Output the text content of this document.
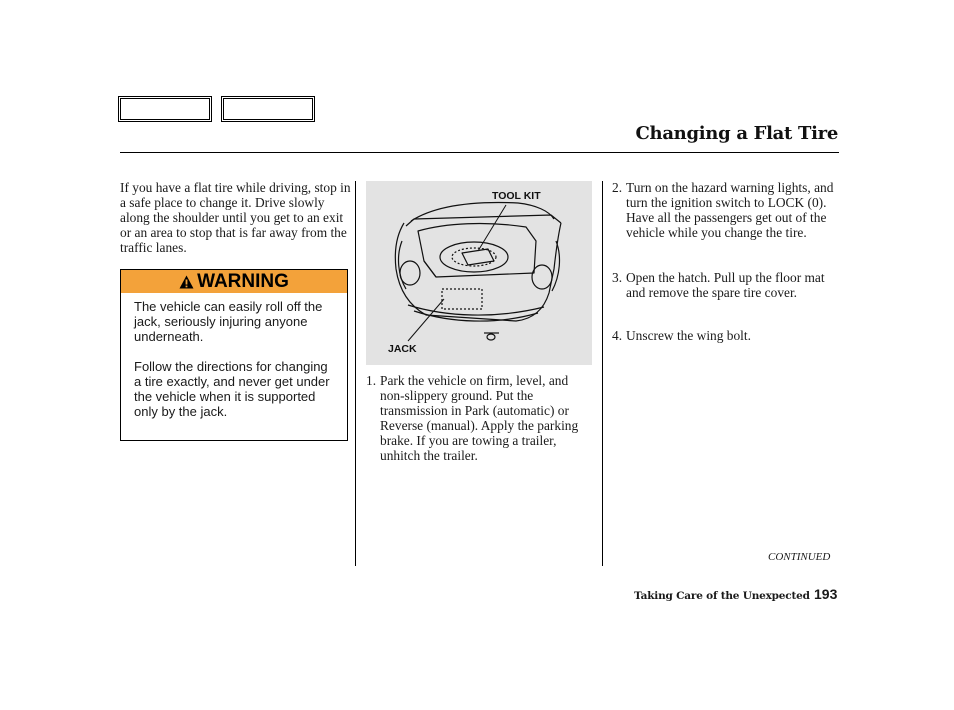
Changing a Flat Tire
If you have a flat tire while driving, stop in a safe place to change it. Drive slowly along the shoulder until you get to an exit or an area to stop that is far away from the traffic lanes.
WARNING

The vehicle can easily roll off the jack, seriously injuring anyone underneath.

Follow the directions for changing a tire exactly, and never get under the vehicle when it is supported only by the jack.

TOOL KIT
JACK
1. Park the vehicle on firm, level, and non-slippery ground. Put the transmission in Park (automatic) or Reverse (manual). Apply the parking brake. If you are towing a trailer, unhitch the trailer.
2. Turn on the hazard warning lights, and turn the ignition switch to LOCK (0). Have all the passengers get out of the vehicle while you change the tire.
3. Open the hatch. Pull up the floor mat and remove the spare tire cover.
4. Unscrew the wing bolt.
CONTINUED
Taking Care of the Unexpected 193
